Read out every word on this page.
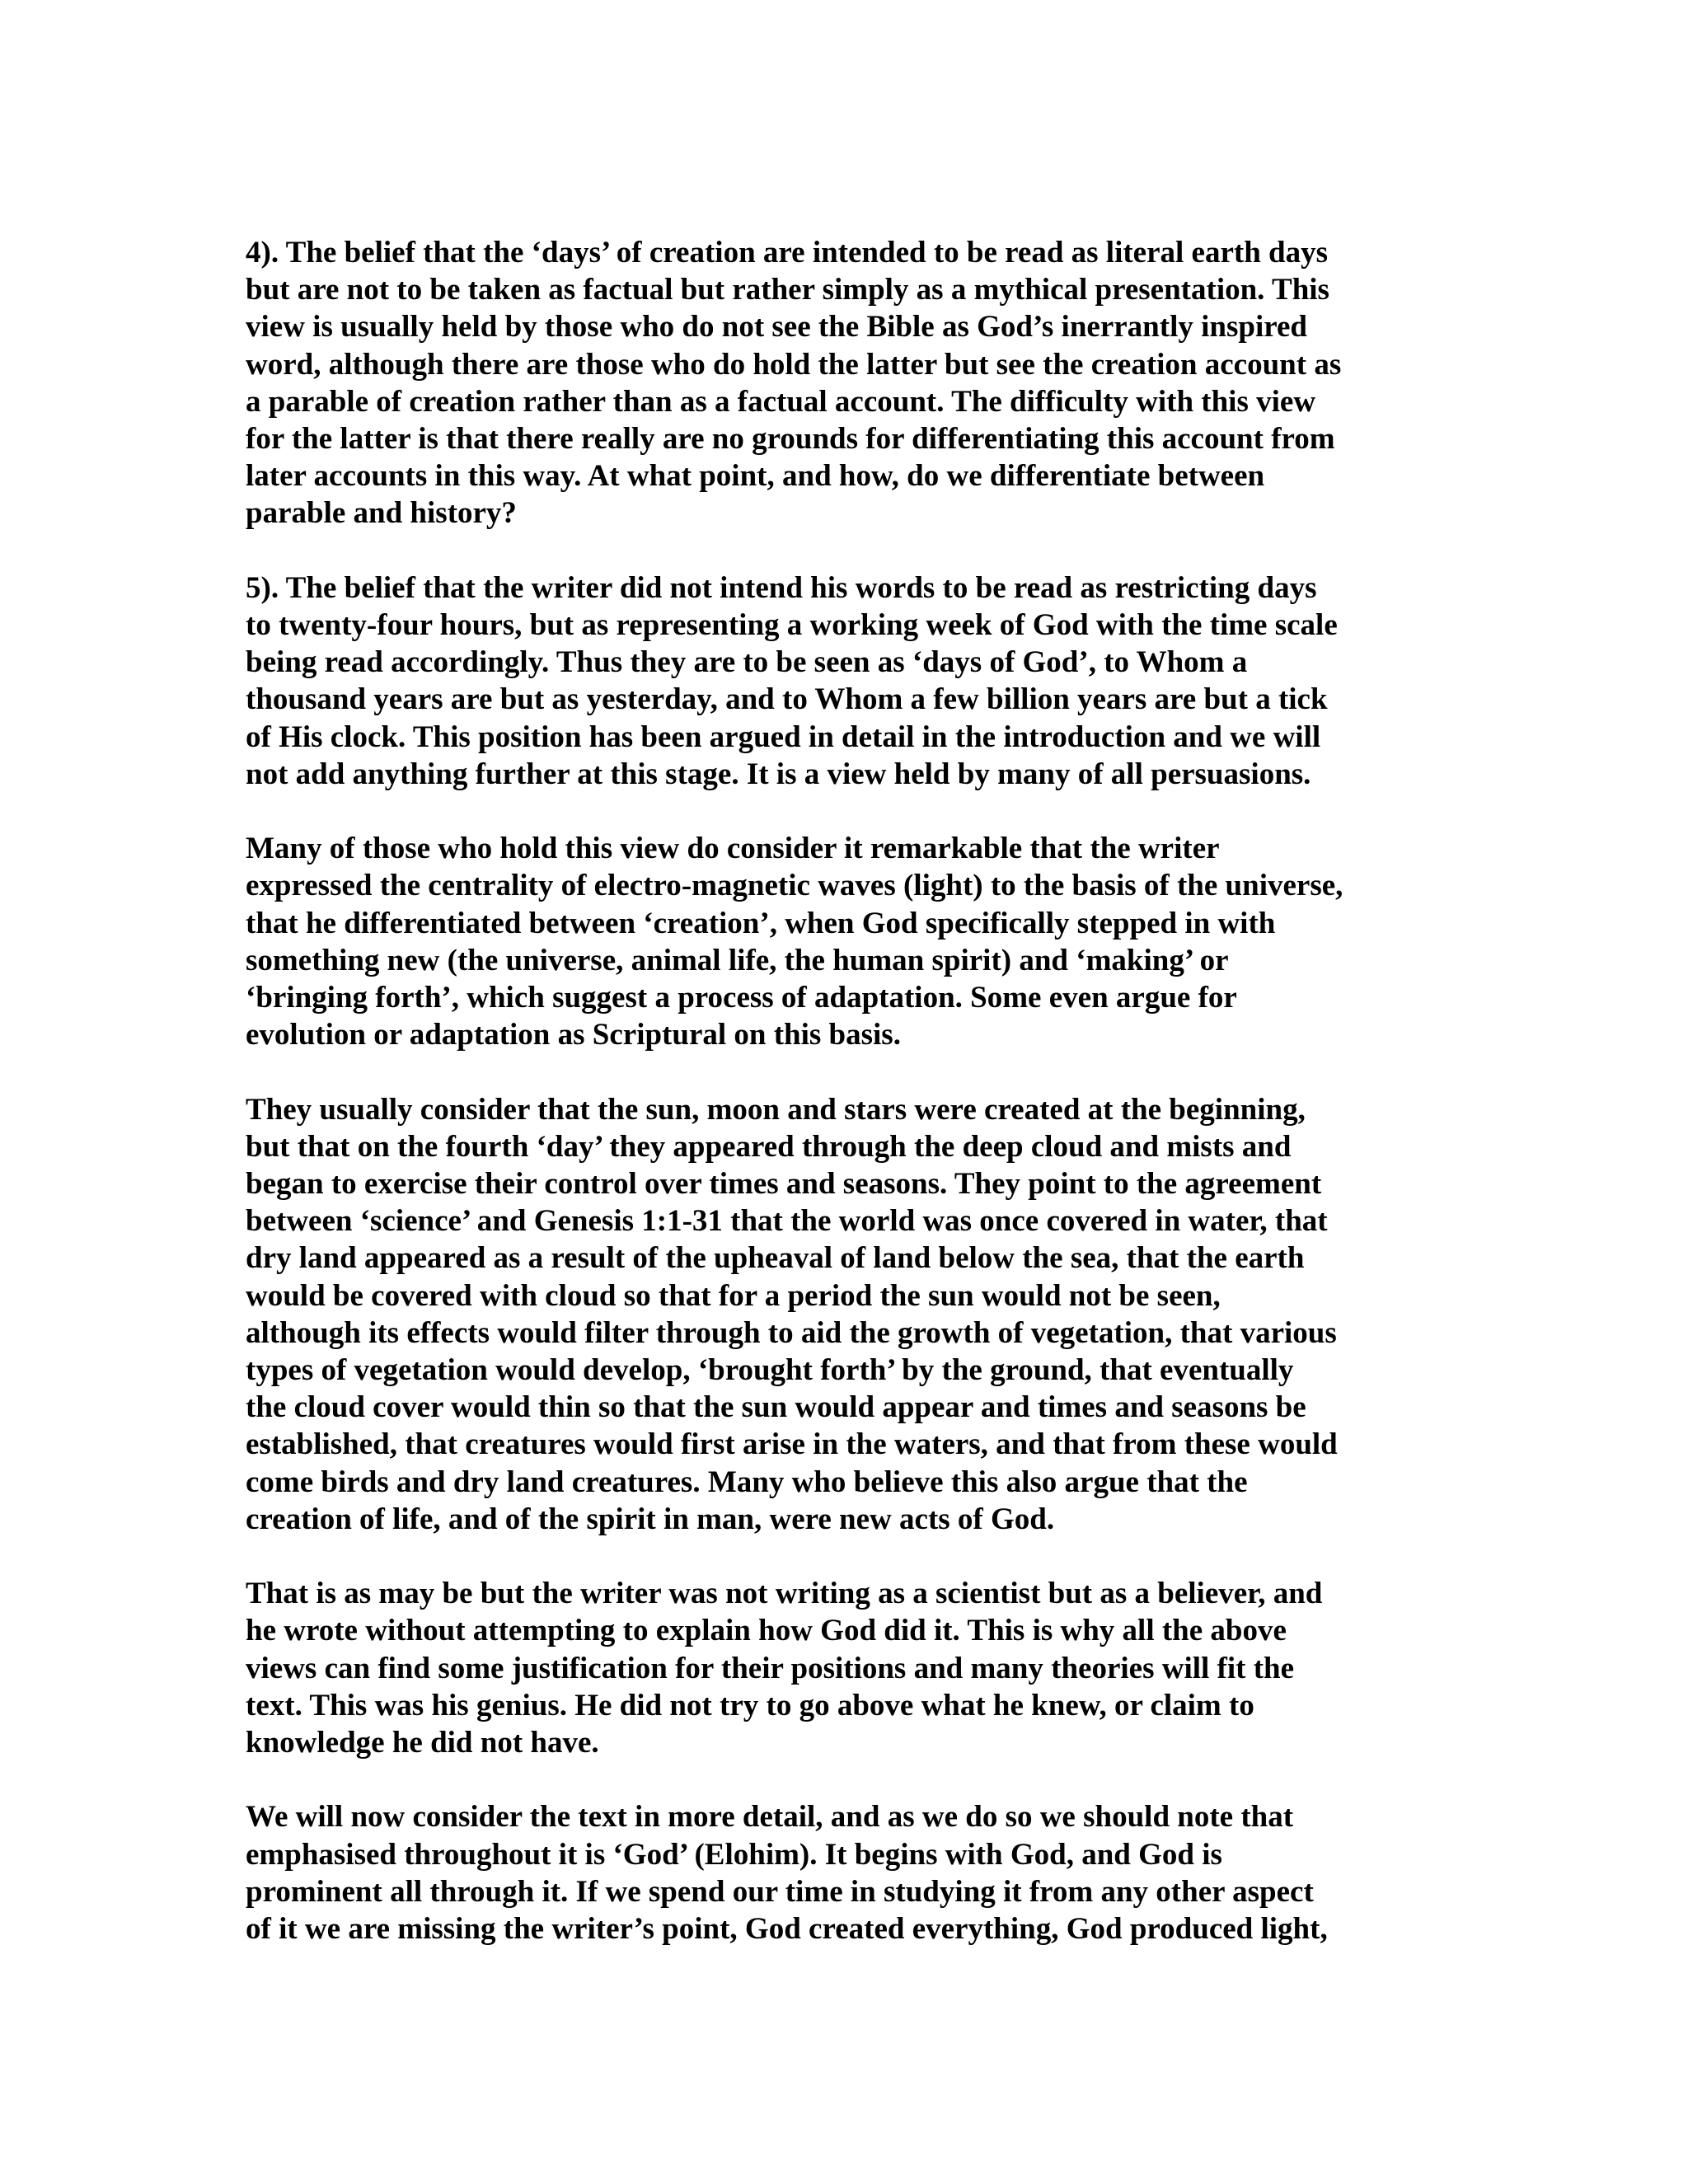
4). The belief that the ‘days’ of creation are intended to be read as literal earth days
but are not to be taken as factual but rather simply as a mythical presentation. This
view is usually held by those who do not see the Bible as God’s inerrantly inspired
word, although there are those who do hold the latter but see the creation account as
a parable of creation rather than as a factual account. The difficulty with this view
for the latter is that there really are no grounds for differentiating this account from
later accounts in this way. At what point, and how, do we differentiate between
parable and history?
5). The belief that the writer did not intend his words to be read as restricting days
to twenty-four hours, but as representing a working week of God with the time scale
being read accordingly. Thus they are to be seen as ‘days of God’, to Whom a
thousand years are but as yesterday, and to Whom a few billion years are but a tick
of His clock. This position has been argued in detail in the introduction and we will
not add anything further at this stage. It is a view held by many of all persuasions.
Many of those who hold this view do consider it remarkable that the writer
expressed the centrality of electro-magnetic waves (light) to the basis of the universe,
that he differentiated between ‘creation’, when God specifically stepped in with
something new (the universe, animal life, the human spirit) and ‘making’ or
‘bringing forth’, which suggest a process of adaptation. Some even argue for
evolution or adaptation as Scriptural on this basis.
They usually consider that the sun, moon and stars were created at the beginning,
but that on the fourth ‘day’ they appeared through the deep cloud and mists and
began to exercise their control over times and seasons. They point to the agreement
between ‘science’ and Genesis 1:1-31 that the world was once covered in water, that
dry land appeared as a result of the upheaval of land below the sea, that the earth
would be covered with cloud so that for a period the sun would not be seen,
although its effects would filter through to aid the growth of vegetation, that various
types of vegetation would develop, ‘brought forth’ by the ground, that eventually
the cloud cover would thin so that the sun would appear and times and seasons be
established, that creatures would first arise in the waters, and that from these would
come birds and dry land creatures. Many who believe this also argue that the
creation of life, and of the spirit in man, were new acts of God.
That is as may be but the writer was not writing as a scientist but as a believer, and
he wrote without attempting to explain how God did it. This is why all the above
views can find some justification for their positions and many theories will fit the
text. This was his genius. He did not try to go above what he knew, or claim to
knowledge he did not have.
We will now consider the text in more detail, and as we do so we should note that
emphasised throughout it is ‘God’ (Elohim). It begins with God, and God is
prominent all through it. If we spend our time in studying it from any other aspect
of it we are missing the writer’s point, God created everything, God produced light,
